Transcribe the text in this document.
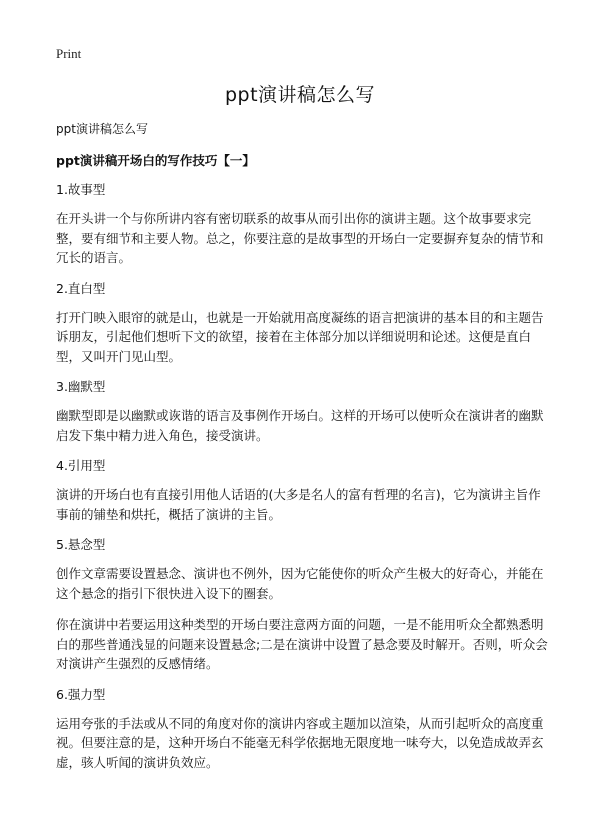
Print
ppt演讲稿怎么写
ppt演讲稿怎么写
ppt演讲稿开场白的写作技巧【一】
1.故事型
在开头讲一个与你所讲内容有密切联系的故事从而引出你的演讲主题。这个故事要求完整，要有细节和主要人物。总之，你要注意的是故事型的开场白一定要摒弃复杂的情节和冗长的语言。
2.直白型
打开门映入眼帘的就是山，也就是一开始就用高度凝练的语言把演讲的基本目的和主题告诉朋友，引起他们想听下文的欲望，接着在主体部分加以详细说明和论述。这便是直白型，又叫开门见山型。
3.幽默型
幽默型即是以幽默或诙谐的语言及事例作开场白。这样的开场可以使听众在演讲者的幽默启发下集中精力进入角色，接受演讲。
4.引用型
演讲的开场白也有直接引用他人话语的(大多是名人的富有哲理的名言)，它为演讲主旨作事前的铺垫和烘托，概括了演讲的主旨。
5.悬念型
创作文章需要设置悬念、演讲也不例外，因为它能使你的听众产生极大的好奇心，并能在这个悬念的指引下很快进入设下的圈套。
你在演讲中若要运用这种类型的开场白要注意两方面的问题，一是不能用听众全都熟悉明白的那些普通浅显的问题来设置悬念;二是在演讲中设置了悬念要及时解开。否则，听众会对演讲产生强烈的反感情绪。
6.强力型
运用夸张的手法或从不同的角度对你的演讲内容或主题加以渲染，从而引起听众的高度重视。但要注意的是，这种开场白不能毫无科学依据地无限度地一味夸大，以免造成故弄玄虚，骇人听闻的演讲负效应。
